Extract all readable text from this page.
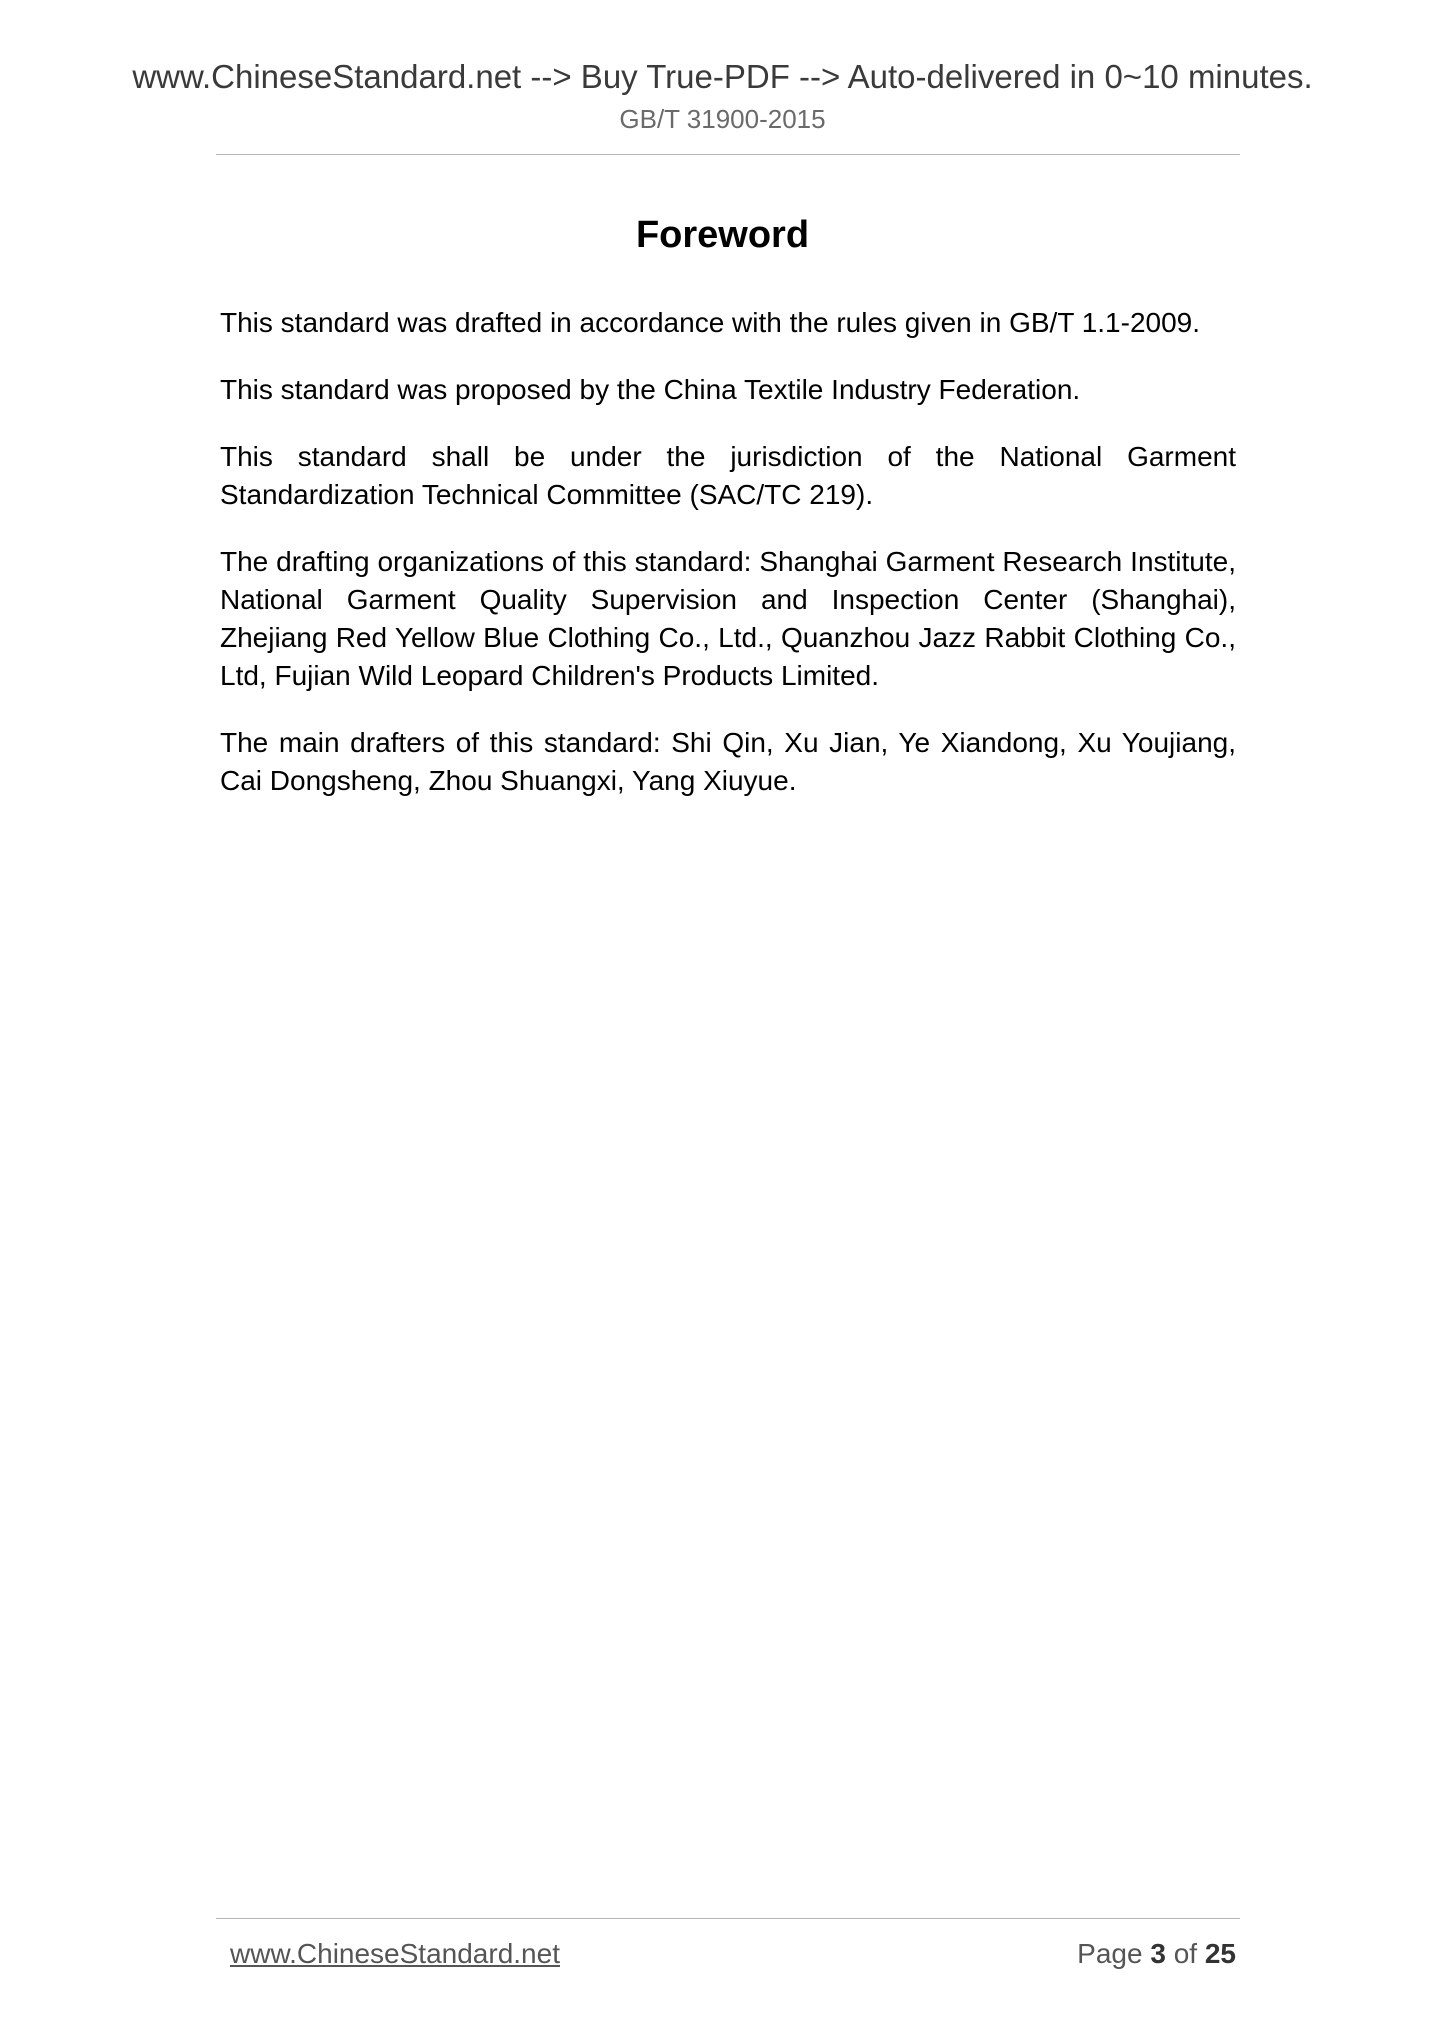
www.ChineseStandard.net --> Buy True-PDF --> Auto-delivered in 0~10 minutes.
GB/T 31900-2015
Foreword

This standard was drafted in accordance with the rules given in GB/T 1.1-2009.

This standard was proposed by the China Textile Industry Federation.

This standard shall be under the jurisdiction of the National Garment Standardization Technical Committee (SAC/TC 219).

The drafting organizations of this standard: Shanghai Garment Research Institute, National Garment Quality Supervision and Inspection Center (Shanghai), Zhejiang Red Yellow Blue Clothing Co., Ltd., Quanzhou Jazz Rabbit Clothing Co., Ltd, Fujian Wild Leopard Children's Products Limited.

The main drafters of this standard: Shi Qin, Xu Jian, Ye Xiandong, Xu Youjiang, Cai Dongsheng, Zhou Shuangxi, Yang Xiuyue.

www.ChineseStandard.net	Page 3 of 25
